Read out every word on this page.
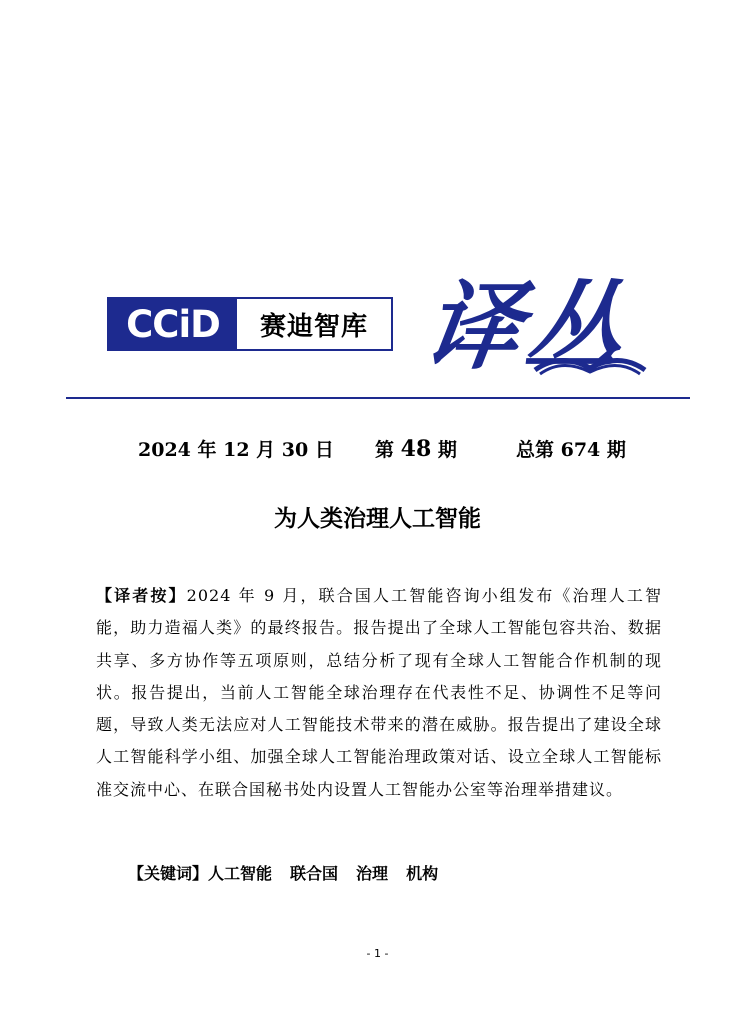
CCiD	赛迪智库 译丛
2024 年 12 月 30 日 第 48 期	总第 674 期
为人类治理人工智能
【译者按】2024 年 9 月，联合国人工智能咨询小组发布《治理人工智能，助力造福人类》的最终报告。报告提出了全球人工智能包容共治、数据共享、多方协作等五项原则，总结分析了现有全球人工智能合作机制的现状。报告提出，当前人工智能全球治理存在代表性不足、协调性不足等问题，导致人类无法应对人工智能技术带来的潜在威胁。报告提出了建设全球人工智能科学小组、加强全球人工智能治理政策对话、设立全球人工智能标准交流中心、在联合国秘书处内设置人工智能办公室等治理举措建议。
【关键词】人工智能 联合国 治理 机构
- 1 -
